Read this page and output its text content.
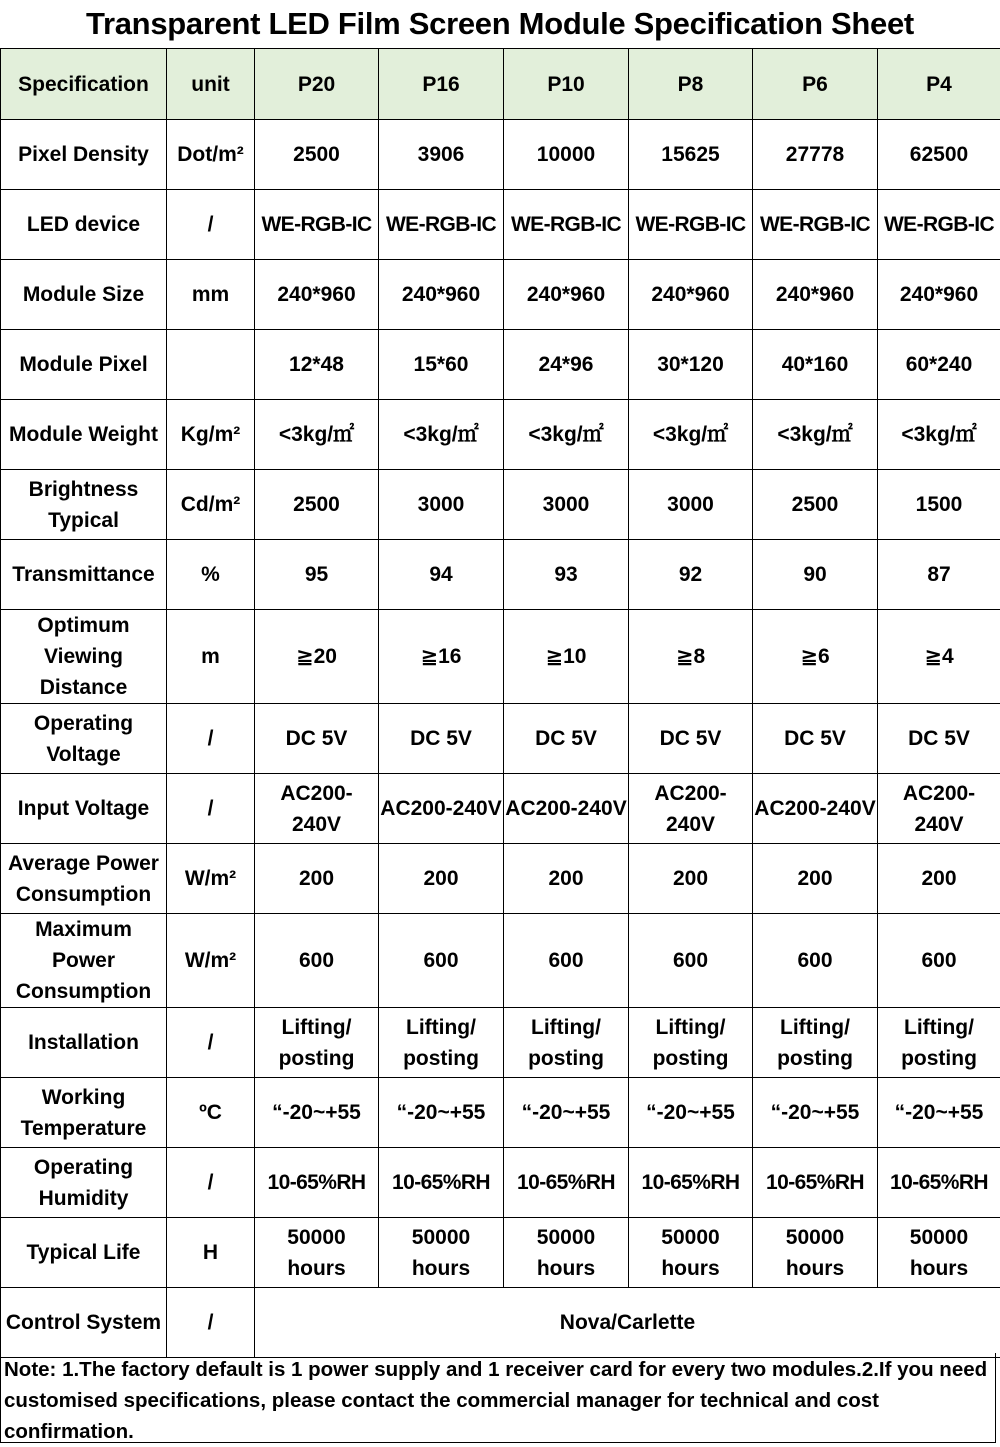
Transparent LED Film Screen Module Specification Sheet
Specification	unit	P20	P16	P10	P8	P6	P4
Pixel Density	Dot/m²	2500	3906	10000	15625	27778	62500
LED device	/	WE-RGB-IC	WE-RGB-IC	WE-RGB-IC	WE-RGB-IC	WE-RGB-IC	WE-RGB-IC
Module Size	mm	240*960	240*960	240*960	240*960	240*960	240*960
Module Pixel		12*48	15*60	24*96	30*120	40*160	60*240
Module Weight	Kg/m²	<3kg/㎡	<3kg/㎡	<3kg/㎡	<3kg/㎡	<3kg/㎡	<3kg/㎡
Brightness Typical	Cd/m²	2500	3000	3000	3000	2500	1500
Transmittance	%	95	94	93	92	90	87
Optimum Viewing Distance	m	≧20	≧16	≧10	≧8	≧6	≧4
Operating Voltage	/	DC 5V	DC 5V	DC 5V	DC 5V	DC 5V	DC 5V
Input Voltage	/	AC200-240V	AC200-240V	AC200-240V	AC200-240V	AC200-240V	AC200-240V
Average Power Consumption	W/m²	200	200	200	200	200	200
Maximum Power Consumption	W/m²	600	600	600	600	600	600
Installation	/	Lifting/ posting	Lifting/ posting	Lifting/ posting	Lifting/ posting	Lifting/ posting	Lifting/ posting
Working Temperature	ºC	“-20~+55	“-20~+55	“-20~+55	“-20~+55	“-20~+55	“-20~+55
Operating Humidity	/	10-65%RH	10-65%RH	10-65%RH	10-65%RH	10-65%RH	10-65%RH
Typical Life	H	50000 hours	50000 hours	50000 hours	50000 hours	50000 hours	50000 hours
Control System	/	Nova/Carlette					
Note: 1.The factory default is 1 power supply and 1 receiver card for every two modules.2.If you need customised specifications, please contact the commercial manager for technical and cost confirmation.
